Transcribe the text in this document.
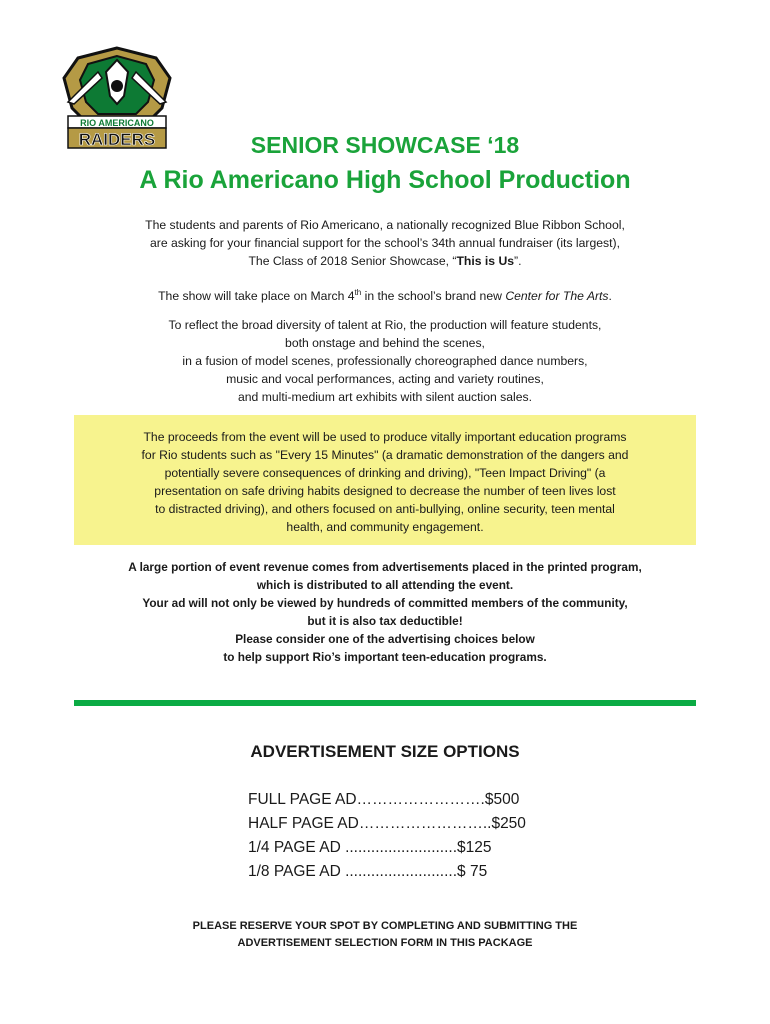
RIO AMERICANO
RAIDERS	SENIOR SHOWCASE ‘18
A Rio Americano High School Production
The students and parents of Rio Americano, a nationally recognized Blue Ribbon School,
are asking for your financial support for the school’s 34th annual fundraiser (its largest),
The Class of 2018 Senior Showcase, “This is Us”.
The show will take place on March 4th in the school’s brand new Center for The Arts.
To reflect the broad diversity of talent at Rio, the production will feature students,
both onstage and behind the scenes,
in a fusion of model scenes, professionally choreographed dance numbers,
music and vocal performances, acting and variety routines,
and multi-medium art exhibits with silent auction sales.
The proceeds from the event will be used to produce vitally important education programs
for Rio students such as "Every 15 Minutes" (a dramatic demonstration of the dangers and
potentially severe consequences of drinking and driving), "Teen Impact Driving" (a
presentation on safe driving habits designed to decrease the number of teen lives lost
to distracted driving), and others focused on anti-bullying, online security, teen mental
health, and community engagement.
A large portion of event revenue comes from advertisements placed in the printed program,
which is distributed to all attending the event.
Your ad will not only be viewed by hundreds of committed members of the community,
but it is also tax deductible!
Please consider one of the advertising choices below
to help support Rio’s important teen-education programs.
ADVERTISEMENT SIZE OPTIONS
FULL PAGE AD…………………….$500
HALF PAGE AD……………………..$250
1/4 PAGE AD ..........................$125
1/8 PAGE AD ..........................$ 75
PLEASE RESERVE YOUR SPOT BY COMPLETING AND SUBMITTING THE
ADVERTISEMENT SELECTION FORM IN THIS PACKAGE
